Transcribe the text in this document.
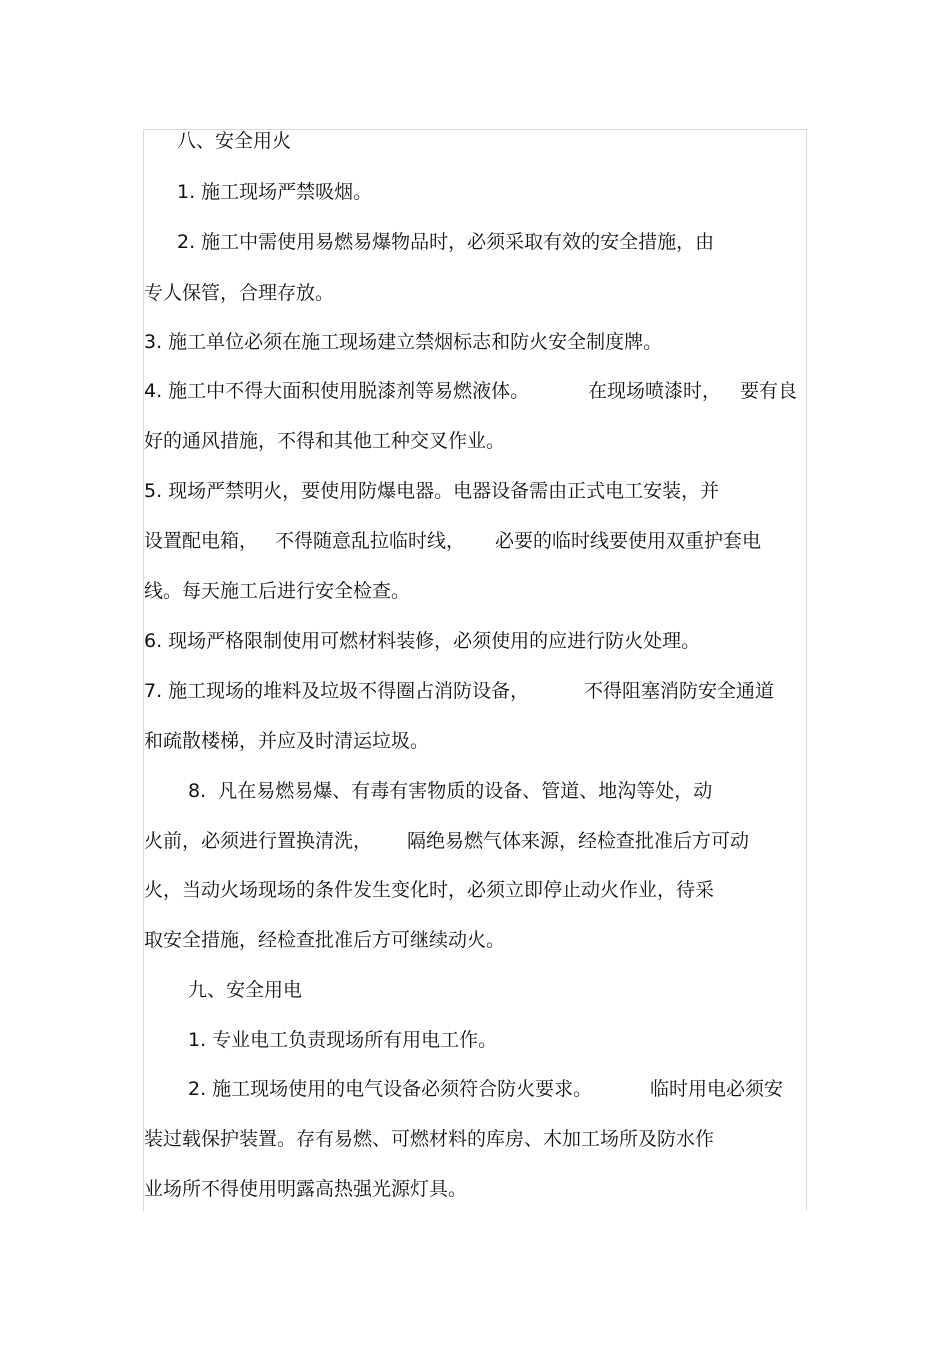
八、安全用火
1. 施工现场严禁吸烟。
2. 施工中需使用易燃易爆物品时，必须采取有效的安全措施，由
专人保管，合理存放。
3. 施工单位必须在施工现场建立禁烟标志和防火安全制度牌。
4. 施工中不得大面积使用脱漆剂等易燃液体。	在现场喷漆时， 要有良
好的通风措施，不得和其他工种交叉作业。
5. 现场严禁明火，要使用防爆电器。电器设备需由正式电工安装，并
设置配电箱， 不得随意乱拉临时线， 必要的临时线要使用双重护套电
线。每天施工后进行安全检查。
6. 现场严格限制使用可燃材料装修，必须使用的应进行防火处理。
7. 施工现场的堆料及垃圾不得圈占消防设备，	不得阻塞消防安全通道
和疏散楼梯，并应及时清运垃圾。
8.  凡在易燃易爆、有毒有害物质的设备、管道、地沟等处，动
火前，必须进行置换清洗， 隔绝易燃气体来源，经检查批准后方可动
火，当动火场现场的条件发生变化时，必须立即停止动火作业，待采
取安全措施，经检查批准后方可继续动火。
九、安全用电
1. 专业电工负责现场所有用电工作。
2. 施工现场使用的电气设备必须符合防火要求。	临时用电必须安
装过载保护装置。存有易燃、可燃材料的库房、木加工场所及防水作
业场所不得使用明露高热强光源灯具。
